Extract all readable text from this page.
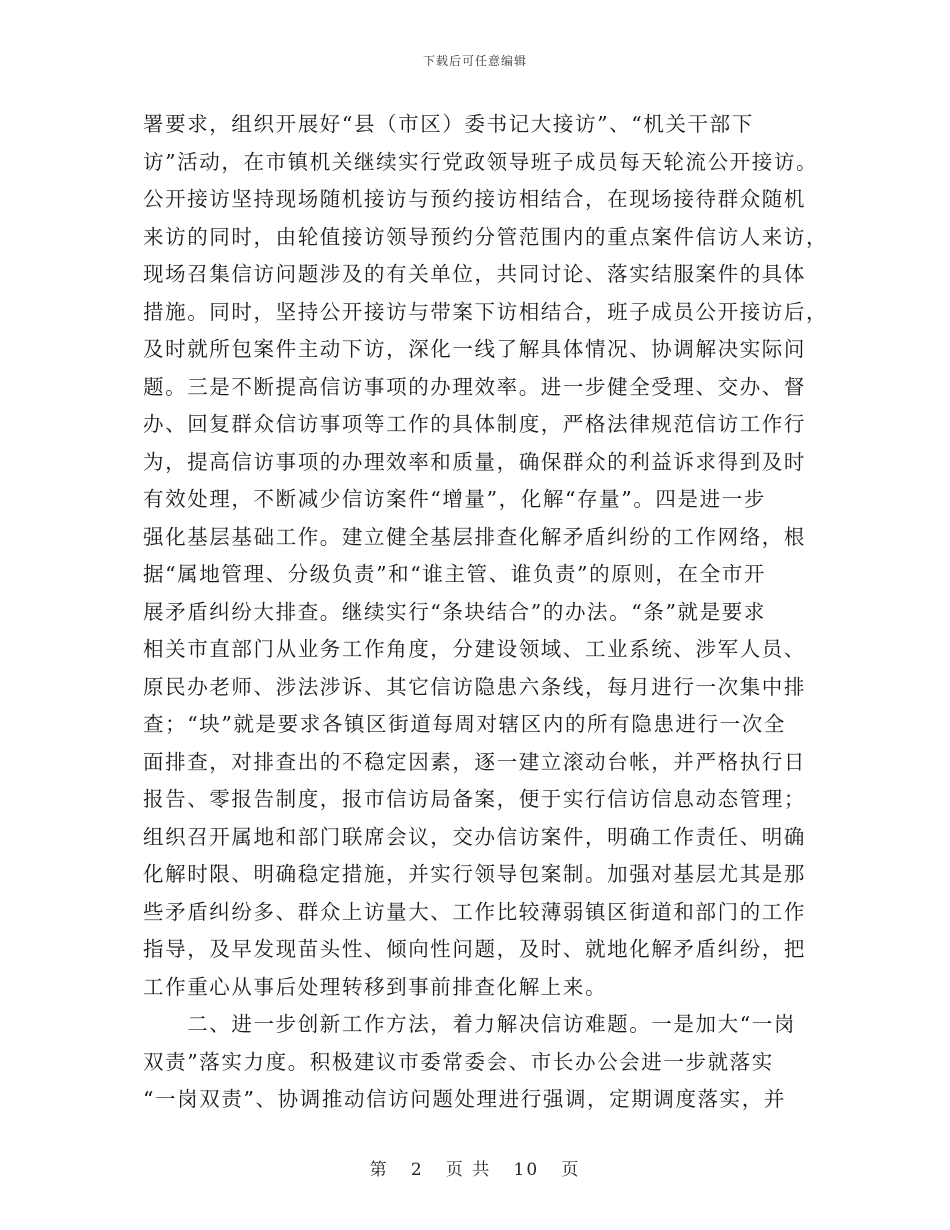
下载后可任意编辑
署要求，组织开展好“县（市区）委书记大接访”、“机关干部下
访”活动，在市镇机关继续实行党政领导班子成员每天轮流公开接访。
公开接访坚持现场随机接访与预约接访相结合，在现场接待群众随机
来访的同时，由轮值接访领导预约分管范围内的重点案件信访人来访，
现场召集信访问题涉及的有关单位，共同讨论、落实结服案件的具体
措施。同时，坚持公开接访与带案下访相结合，班子成员公开接访后，
及时就所包案件主动下访，深化一线了解具体情况、协调解决实际问
题。三是不断提高信访事项的办理效率。进一步健全受理、交办、督
办、回复群众信访事项等工作的具体制度，严格法律规范信访工作行
为，提高信访事项的办理效率和质量，确保群众的利益诉求得到及时
有效处理，不断减少信访案件“增量”，化解“存量”。四是进一步
强化基层基础工作。建立健全基层排查化解矛盾纠纷的工作网络，根
据“属地管理、分级负责”和“谁主管、谁负责”的原则，在全市开
展矛盾纠纷大排查。继续实行“条块结合”的办法。“条”就是要求
相关市直部门从业务工作角度，分建设领域、工业系统、涉军人员、
原民办老师、涉法涉诉、其它信访隐患六条线，每月进行一次集中排
查；“块”就是要求各镇区街道每周对辖区内的所有隐患进行一次全
面排查，对排查出的不稳定因素，逐一建立滚动台帐，并严格执行日
报告、零报告制度，报市信访局备案，便于实行信访信息动态管理；
组织召开属地和部门联席会议，交办信访案件，明确工作责任、明确
化解时限、明确稳定措施，并实行领导包案制。加强对基层尤其是那
些矛盾纠纷多、群众上访量大、工作比较薄弱镇区街道和部门的工作
指导，及早发现苗头性、倾向性问题，及时、就地化解矛盾纠纷，把
工作重心从事后处理转移到事前排查化解上来。
　　二、进一步创新工作方法，着力解决信访难题。一是加大“一岗
双责”落实力度。积极建议市委常委会、市长办公会进一步就落实
“一岗双责”、协调推动信访问题处理进行强调，定期调度落实，并
第 2 页 共 10 页
